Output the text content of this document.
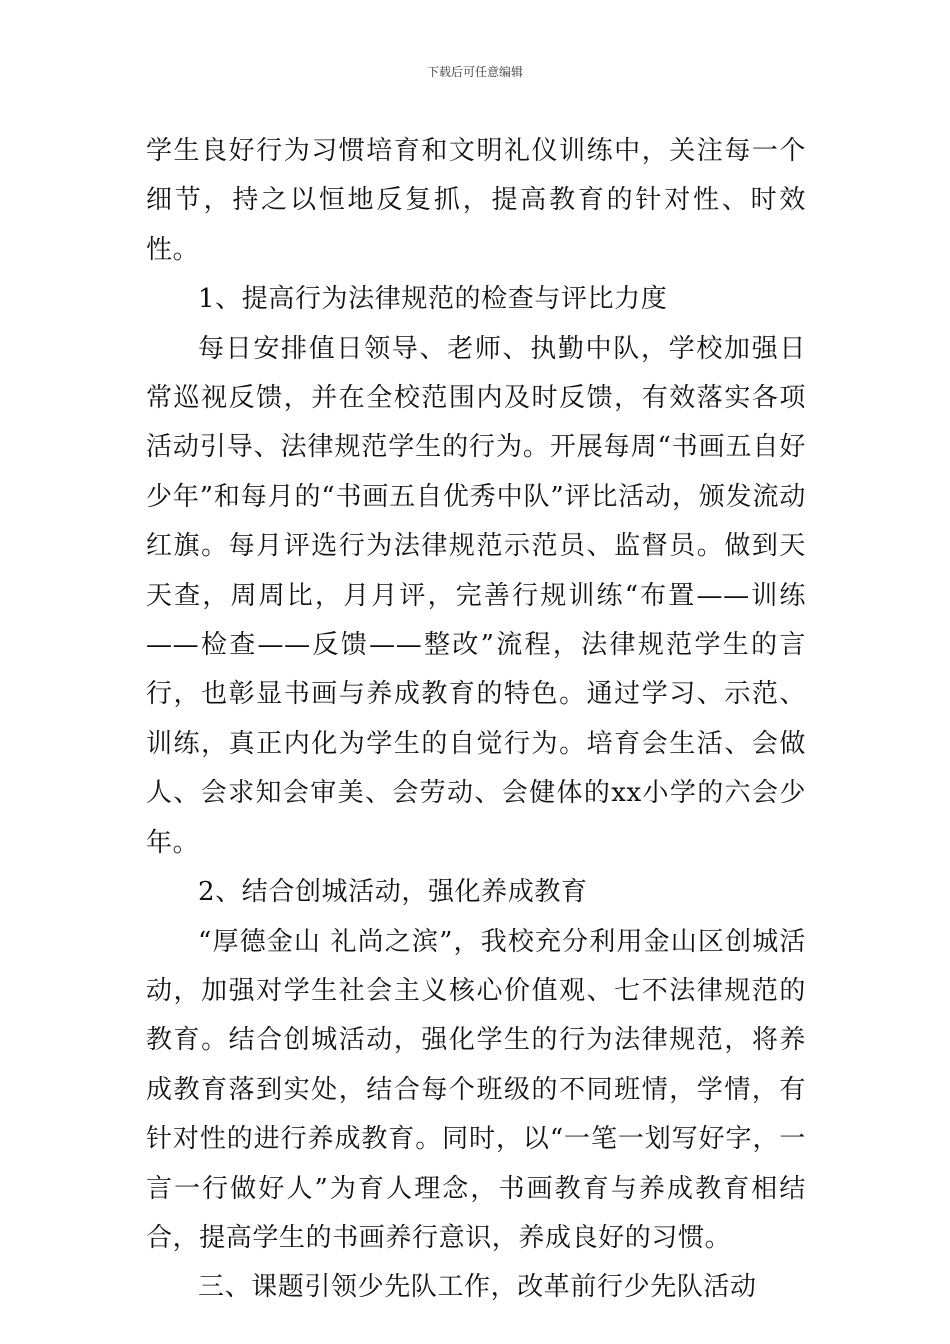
下载后可任意编辑

学生良好行为习惯培育和文明礼仪训练中，关注每一个细节，持之以恒地反复抓，提高教育的针对性、时效性。

1、提高行为法律规范的检查与评比力度

每日安排值日领导、老师、执勤中队，学校加强日常巡视反馈，并在全校范围内及时反馈，有效落实各项活动引导、法律规范学生的行为。开展每周“书画五自好少年”和每月的“书画五自优秀中队”评比活动，颁发流动红旗。每月评选行为法律规范示范员、监督员。做到天天查，周周比，月月评，完善行规训练“布置——训练——检查——反馈——整改”流程，法律规范学生的言行，也彰显书画与养成教育的特色。通过学习、示范、训练，真正内化为学生的自觉行为。培育会生活、会做人、会求知会审美、会劳动、会健体的xx小学的六会少年。

2、结合创城活动，强化养成教育

“厚德金山 礼尚之滨”，我校充分利用金山区创城活动，加强对学生社会主义核心价值观、七不法律规范的教育。结合创城活动，强化学生的行为法律规范，将养成教育落到实处，结合每个班级的不同班情，学情，有针对性的进行养成教育。同时，以“一笔一划写好字，一言一行做好人”为育人理念，书画教育与养成教育相结合，提高学生的书画养行意识，养成良好的习惯。

三、课题引领少先队工作，改革前行少先队活动
